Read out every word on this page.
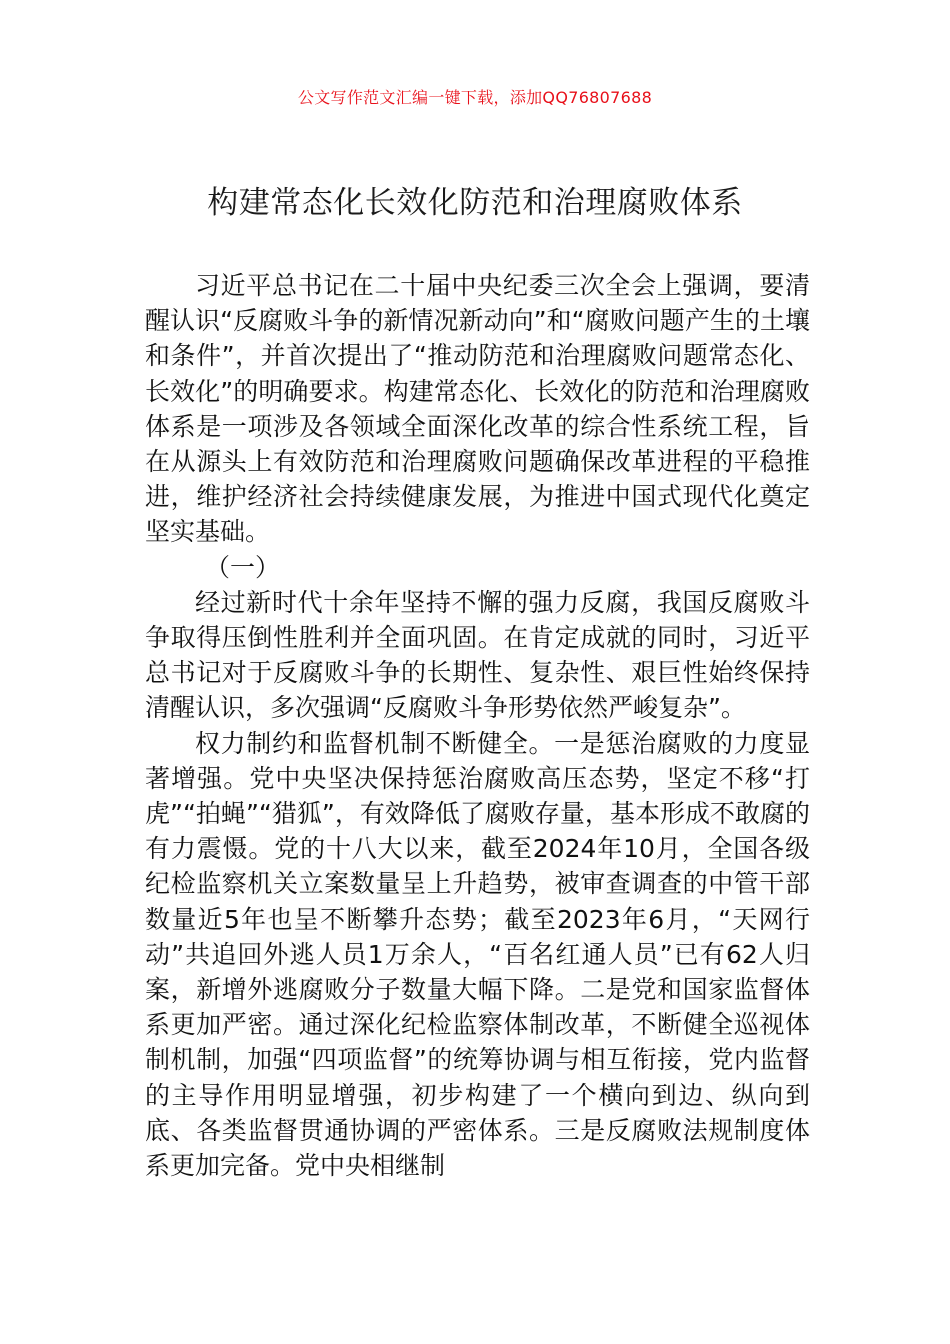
公文写作范文汇编一键下载，添加QQ76807688
构建常态化长效化防范和治理腐败体系

习近平总书记在二十届中央纪委三次全会上强调，要清醒认识“反腐败斗争的新情况新动向”和“腐败问题产生的土壤和条件”，并首次提出了“推动防范和治理腐败问题常态化、长效化”的明确要求。构建常态化、长效化的防范和治理腐败体系是一项涉及各领域全面深化改革的综合性系统工程，旨在从源头上有效防范和治理腐败问题确保改革进程的平稳推进，维护经济社会持续健康发展，为推进中国式现代化奠定坚实基础。

（一）

经过新时代十余年坚持不懈的强力反腐，我国反腐败斗争取得压倒性胜利并全面巩固。在肯定成就的同时，习近平总书记对于反腐败斗争的长期性、复杂性、艰巨性始终保持清醒认识，多次强调“反腐败斗争形势依然严峻复杂”。

权力制约和监督机制不断健全。一是惩治腐败的力度显著增强。党中央坚决保持惩治腐败高压态势，坚定不移“打虎”“拍蝇”“猎狐”，有效降低了腐败存量，基本形成不敢腐的有力震慑。党的十八大以来，截至2024年10月，全国各级纪检监察机关立案数量呈上升趋势，被审查调查的中管干部数量近5年也呈不断攀升态势；截至2023年6月，“天网行动”共追回外逃人员1万余人，“百名红通人员”已有62人归案，新增外逃腐败分子数量大幅下降。二是党和国家监督体系更加严密。通过深化纪检监察体制改革，不断健全巡视体制机制，加强“四项监督”的统筹协调与相互衔接，党内监督的主导作用明显增强，初步构建了一个横向到边、纵向到底、各类监督贯通协调的严密体系。三是反腐败法规制度体系更加完备。党中央相继制
